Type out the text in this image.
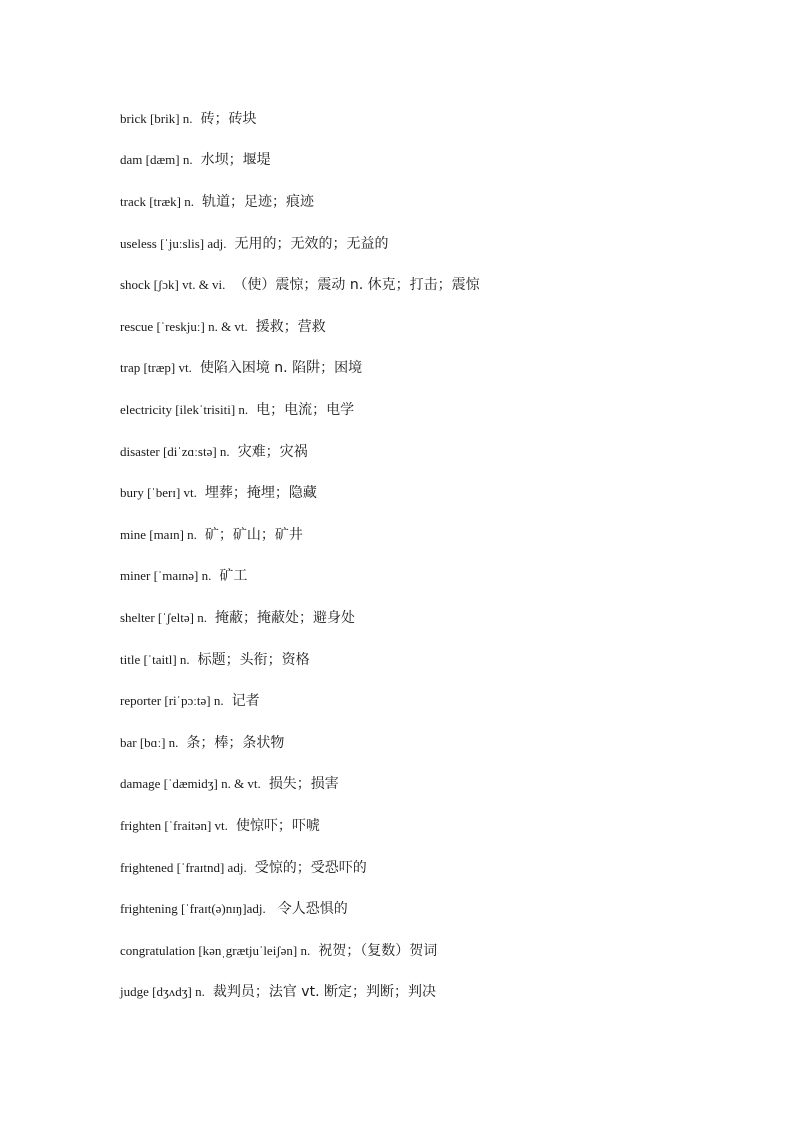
brick [brik] n. 砖；砖块
dam [dæm] n. 水坝；堰堤
track [træk] n. 轨道；足迹；痕迹
useless [ˈjuːslis] adj. 无用的；无效的；无益的
shock [ʃɔk] vt. & vi. （使）震惊；震动 n. 休克；打击；震惊
rescue [ˈreskjuː] n. & vt. 援救；营救
trap [træp] vt. 使陷入困境 n. 陷阱；困境
electricity [ilekˈtrisiti] n. 电；电流；电学
disaster [diˈzɑːstə] n. 灾难；灾祸
bury [ˈberɪ] vt. 埋葬；掩埋；隐藏
mine [maɪn] n. 矿；矿山；矿井
miner [ˈmaɪnə] n. 矿工
shelter [ˈʃeltə] n. 掩蔽；掩蔽处；避身处
title [ˈtaitl] n. 标题；头衔；资格
reporter [riˈpɔːtə] n. 记者
bar [bɑː] n. 条；棒；条状物
damage [ˈdæmidʒ] n. & vt. 损失；损害
frighten [ˈfraitən] vt. 使惊吓；吓唬
frightened [ˈfraɪtnd] adj. 受惊的；受恐吓的
frightening [ˈfraɪt(ə)nɪŋ]adj. 令人恐惧的
congratulation [kənˌgrætjuˈleiʃən] n. 祝贺；（复数）贺词
judge [dʒʌdʒ] n. 裁判员；法官 vt. 断定；判断；判决
